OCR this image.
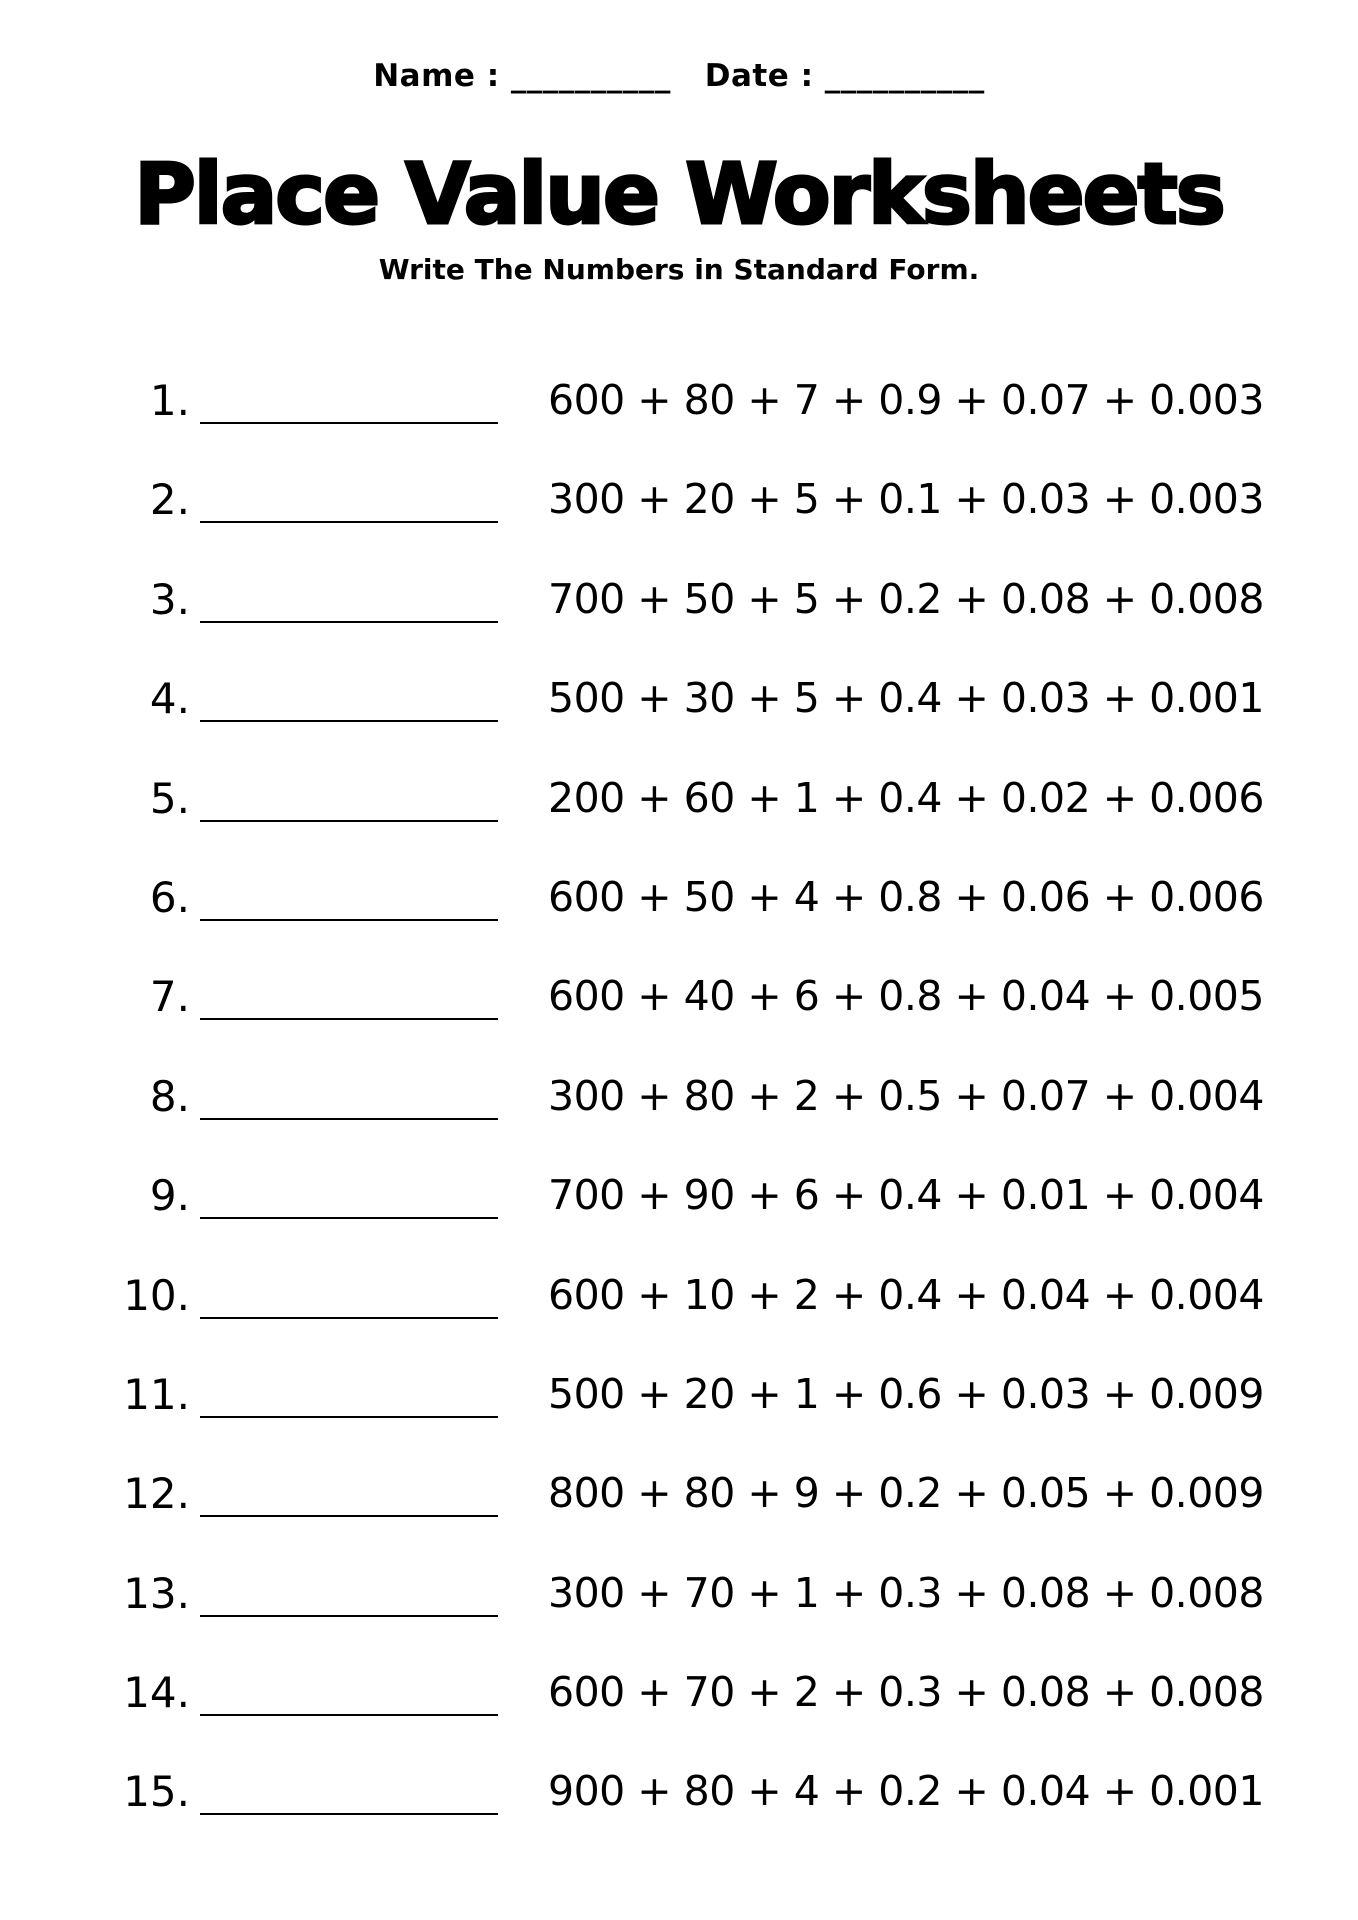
Name : __________ Date : __________
Place Value Worksheets
Write The Numbers in Standard Form.
1.	600 + 80 + 7 + 0.9 + 0.07 + 0.003
2.	300 + 20 + 5 + 0.1 + 0.03 + 0.003
3.	700 + 50 + 5 + 0.2 + 0.08 + 0.008
4.	500 + 30 + 5 + 0.4 + 0.03 + 0.001
5.	200 + 60 + 1 + 0.4 + 0.02 + 0.006
6.	600 + 50 + 4 + 0.8 + 0.06 + 0.006
7.	600 + 40 + 6 + 0.8 + 0.04 + 0.005
8.	300 + 80 + 2 + 0.5 + 0.07 + 0.004
9.	700 + 90 + 6 + 0.4 + 0.01 + 0.004
10.	600 + 10 + 2 + 0.4 + 0.04 + 0.004
11.	500 + 20 + 1 + 0.6 + 0.03 + 0.009
12.	800 + 80 + 9 + 0.2 + 0.05 + 0.009
13.	300 + 70 + 1 + 0.3 + 0.08 + 0.008
14.	600 + 70 + 2 + 0.3 + 0.08 + 0.008
15.	900 + 80 + 4 + 0.2 + 0.04 + 0.001
